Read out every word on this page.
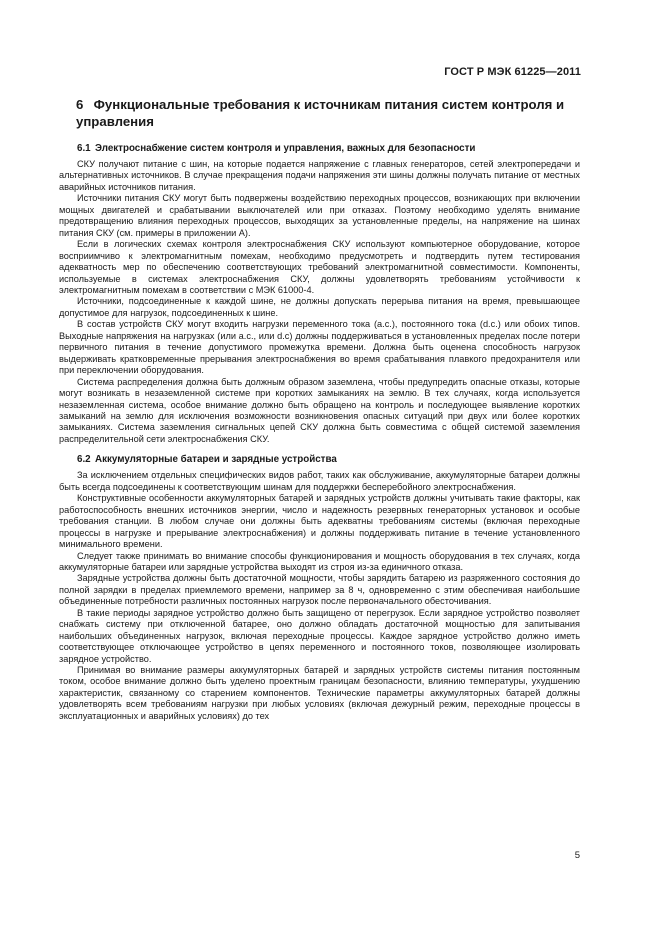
ГОСТ Р МЭК 61225—2011
6 Функциональные требования к источникам питания систем контроля и управления
6.1 Электроснабжение систем контроля и управления, важных для безопасности

СКУ получают питание с шин, на которые подается напряжение с главных генераторов, сетей электропередачи и альтернативных источников. В случае прекращения подачи напряжения эти шины должны получать питание от местных аварийных источников питания.

Источники питания СКУ могут быть подвержены воздействию переходных процессов, возникающих при включении мощных двигателей и срабатывании выключателей или при отказах. Поэтому необходимо уделять внимание предотвращению влияния переходных процессов, выходящих за установленные пределы, на напряжение на шинах питания СКУ (см. примеры в приложении А).

Если в логических схемах контроля электроснабжения СКУ используют компьютерное оборудование, которое восприимчиво к электромагнитным помехам, необходимо предусмотреть и подтвердить путем тестирования адекватность мер по обеспечению соответствующих требований электромагнитной совместимости. Компоненты, используемые в системах электроснабжения СКУ, должны удовлетворять требованиям устойчивости к электромагнитным помехам в соответствии с МЭК 61000-4.

Источники, подсоединенные к каждой шине, не должны допускать перерыва питания на время, превышающее допустимое для нагрузок, подсоединенных к шине.

В состав устройств СКУ могут входить нагрузки переменного тока (a.c.), постоянного тока (d.c.) или обоих типов. Выходные напряжения на нагрузках (или a.c., или d.c) должны поддерживаться в установленных пределах после потери первичного питания в течение допустимого промежутка времени. Должна быть оценена способность нагрузок выдерживать кратковременные прерывания электроснабжения во время срабатывания плавкого предохранителя или при переключении оборудования.

Система распределения должна быть должным образом заземлена, чтобы предупредить опасные отказы, которые могут возникать в незаземленной системе при коротких замыканиях на землю. В тех случаях, когда используется незаземленная система, особое внимание должно быть обращено на контроль и последующее выявление коротких замыканий на землю для исключения возможности возникновения опасных ситуаций при двух или более коротких замыканиях. Система заземления сигнальных цепей СКУ должна быть совместима с общей системой заземления распределительной сети электроснабжения СКУ.

6.2 Аккумуляторные батареи и зарядные устройства

За исключением отдельных специфических видов работ, таких как обслуживание, аккумуляторные батареи должны быть всегда подсоединены к соответствующим шинам для поддержки бесперебойного электроснабжения.

Конструктивные особенности аккумуляторных батарей и зарядных устройств должны учитывать такие факторы, как работоспособность внешних источников энергии, число и надежность резервных генераторных установок и особые требования станции. В любом случае они должны быть адекватны требованиям системы (включая переходные процессы в нагрузке и прерывание электроснабжения) и должны поддерживать питание в течение установленного минимального времени.

Следует также принимать во внимание способы функционирования и мощность оборудования в тех случаях, когда аккумуляторные батареи или зарядные устройства выходят из строя из-за единичного отказа.

Зарядные устройства должны быть достаточной мощности, чтобы зарядить батарею из разряженного состояния до полной зарядки в пределах приемлемого времени, например за 8 ч, одновременно с этим обеспечивая наибольшие объединенные потребности различных постоянных нагрузок после первоначального обесточивания.

В такие периоды зарядное устройство должно быть защищено от перегрузок. Если зарядное устройство позволяет снабжать систему при отключенной батарее, оно должно обладать достаточной мощностью для запитывания наибольших объединенных нагрузок, включая переходные процессы. Каждое зарядное устройство должно иметь соответствующее отключающее устройство в цепях переменного и постоянного токов, позволяющее изолировать зарядное устройство.

Принимая во внимание размеры аккумуляторных батарей и зарядных устройств системы питания постоянным током, особое внимание должно быть уделено проектным границам безопасности, влиянию температуры, ухудшению характеристик, связанному со старением компонентов. Технические параметры аккумуляторных батарей должны удовлетворять всем требованиям нагрузки при любых условиях (включая дежурный режим, переходные процессы в эксплуатационных и аварийных условиях) до тех

5
